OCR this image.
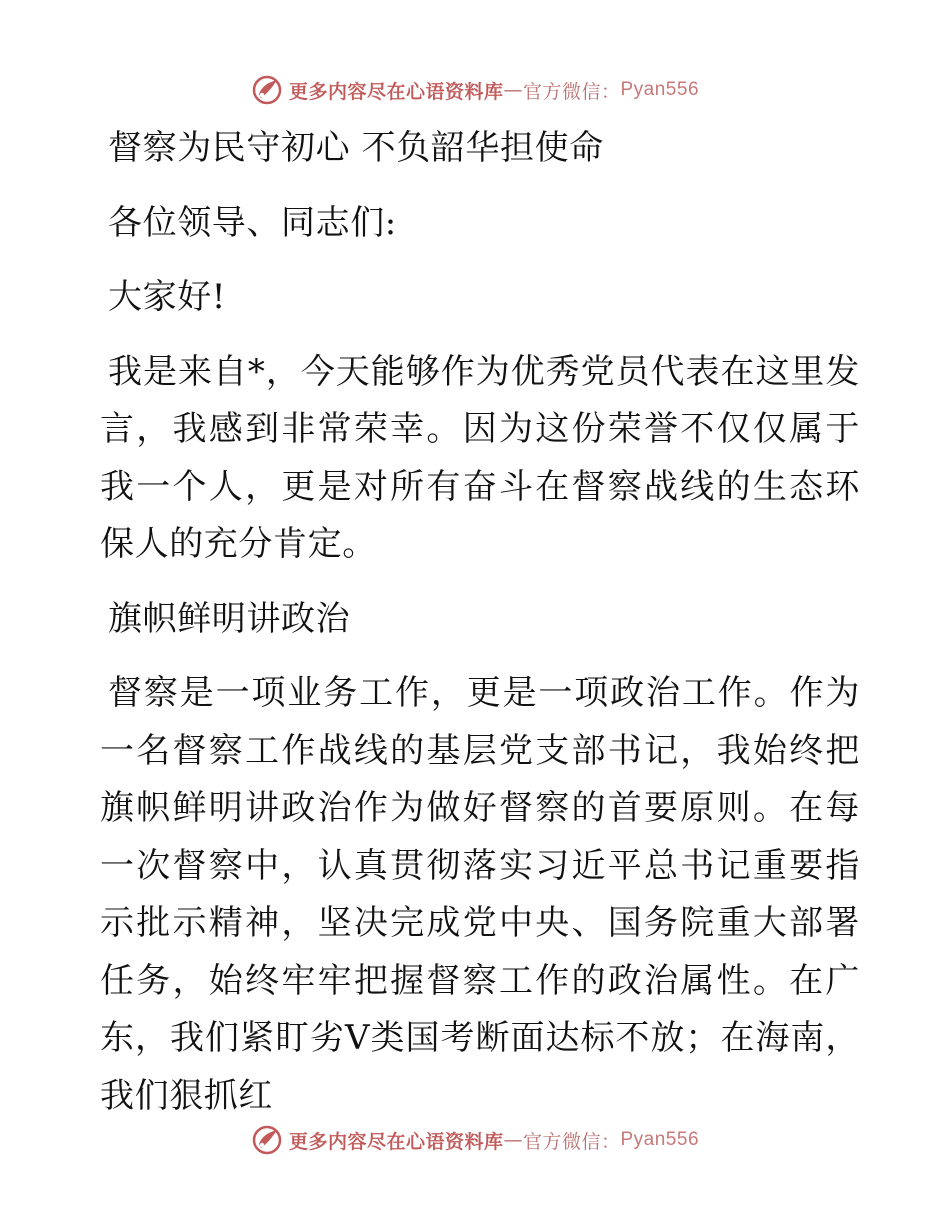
更多内容尽在心语资料库 — 官方微信： Pyan556

督察为民守初心 不负韶华担使命

各位领导、同志们:

大家好!

我是来自*，今天能够作为优秀党员代表在这里发言，我感到非常荣幸。因为这份荣誉不仅仅属于我一个人，更是对所有奋斗在督察战线的生态环保人的充分肯定。

旗帜鲜明讲政治

督察是一项业务工作，更是一项政治工作。作为一名督察工作战线的基层党支部书记，我始终把旗帜鲜明讲政治作为做好督察的首要原则。在每一次督察中，认真贯彻落实习近平总书记重要指示批示精神，坚决完成党中央、国务院重大部署任务，始终牢牢把握督察工作的政治属性。在广东，我们紧盯劣Ⅴ类国考断面达标不放；在海南，我们狠抓红

更多内容尽在心语资料库 — 官方微信： Pyan556
